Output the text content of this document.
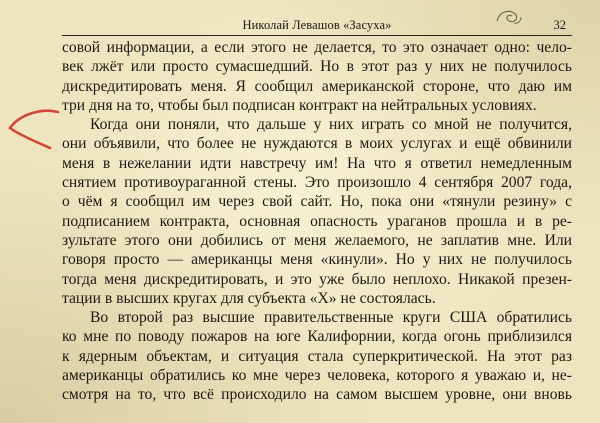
Николай Левашов «Засуха»	32
совой информации, а если этого не делается, то это означает одно: чело-
век лжёт или просто сумасшедший. Но в этот раз у них не получилось
дискредитировать меня. Я сообщил американской стороне, что даю им
три дня на то, чтобы был подписан контракт на нейтральных условиях.
Когда они поняли, что дальше у них играть со мной не получится,
они объявили, что более не нуждаются в моих услугах и ещё обвинили
меня в нежелании идти навстречу им! На что я ответил немедленным
снятием противоураганной стены. Это произошло 4 сентября 2007 года,
о чём я сообщил им через свой сайт. Но, пока они «тянули резину» с
подписанием контракта, основная опасность ураганов прошла и в ре-
зультате этого они добились от меня желаемого, не заплатив мне. Или
говоря просто — американцы меня «кинули». Но у них не получилось
тогда меня дискредитировать, и это уже было неплохо. Никакой презен-
тации в высших кругах для субъекта «X» не состоялась.
Во второй раз высшие правительственные круги США обратились
ко мне по поводу пожаров на юге Калифорнии, когда огонь приблизился
к ядерным объектам, и ситуация стала суперкритической. На этот раз
американцы обратились ко мне через человека, которого я уважаю и, не-
смотря на то, что всё происходило на самом высшем уровне, они вновь
